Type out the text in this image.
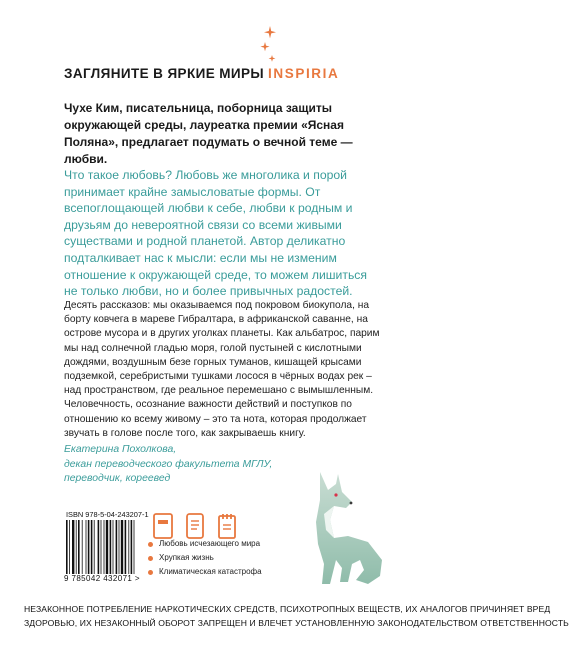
ЗАГЛЯНИТЕ В ЯРКИЕ МИРЫ INSPIRIA

Чухе Ким, писательница, поборница защиты окружающей среды, лауреатка премии «Ясная Поляна», предлагает подумать о вечной теме — любви.

Что такое любовь? Любовь же многолика и порой принимает крайне замысловатые формы. От всепоглощающей любви к себе, любви к родным и друзьям до невероятной связи со всеми живыми существами и родной планетой. Автор деликатно подталкивает нас к мысли: если мы не изменим отношение к окружающей среде, то можем лишиться не только любви, но и более привычных радостей.

Десять рассказов: мы оказываемся под покровом биокупола, на борту ковчега в мареве Гибралтара, в африканской саванне, на острове мусора и в других уголках планеты. Как альбатрос, парим мы над солнечной гладью моря, голой пустыней с кислотными дождями, воздушным безе горных туманов, кишащей крысами подземкой, серебристыми тушками лосося в чёрных водах рек – над пространством, где реальное перемешано с вымышленным. Человечность, осознание важности действий и поступков по отношению ко всему живому – это та нота, которая продолжает звучать в голове после того, как закрываешь книгу.

Екатерина Похолкова,
декан переводческого факультета МГЛУ,
переводчик, кореевед
ISBN 978-5-04-243207-1
9 785042 432071 >
Любовь исчезающего мира
Хрупкая жизнь
Климатическая катастрофа
НЕЗАКОННОЕ ПОТРЕБЛЕНИЕ НАРКОТИЧЕСКИХ СРЕДСТВ, ПСИХОТРОПНЫХ ВЕЩЕСТВ, ИХ АНАЛОГОВ ПРИЧИНЯЕТ ВРЕД
ЗДОРОВЬЮ, ИХ НЕЗАКОННЫЙ ОБОРОТ ЗАПРЕЩЕН И ВЛЕЧЕТ УСТАНОВЛЕННУЮ ЗАКОНОДАТЕЛЬСТВОМ ОТВЕТСТВЕННОСТЬ
